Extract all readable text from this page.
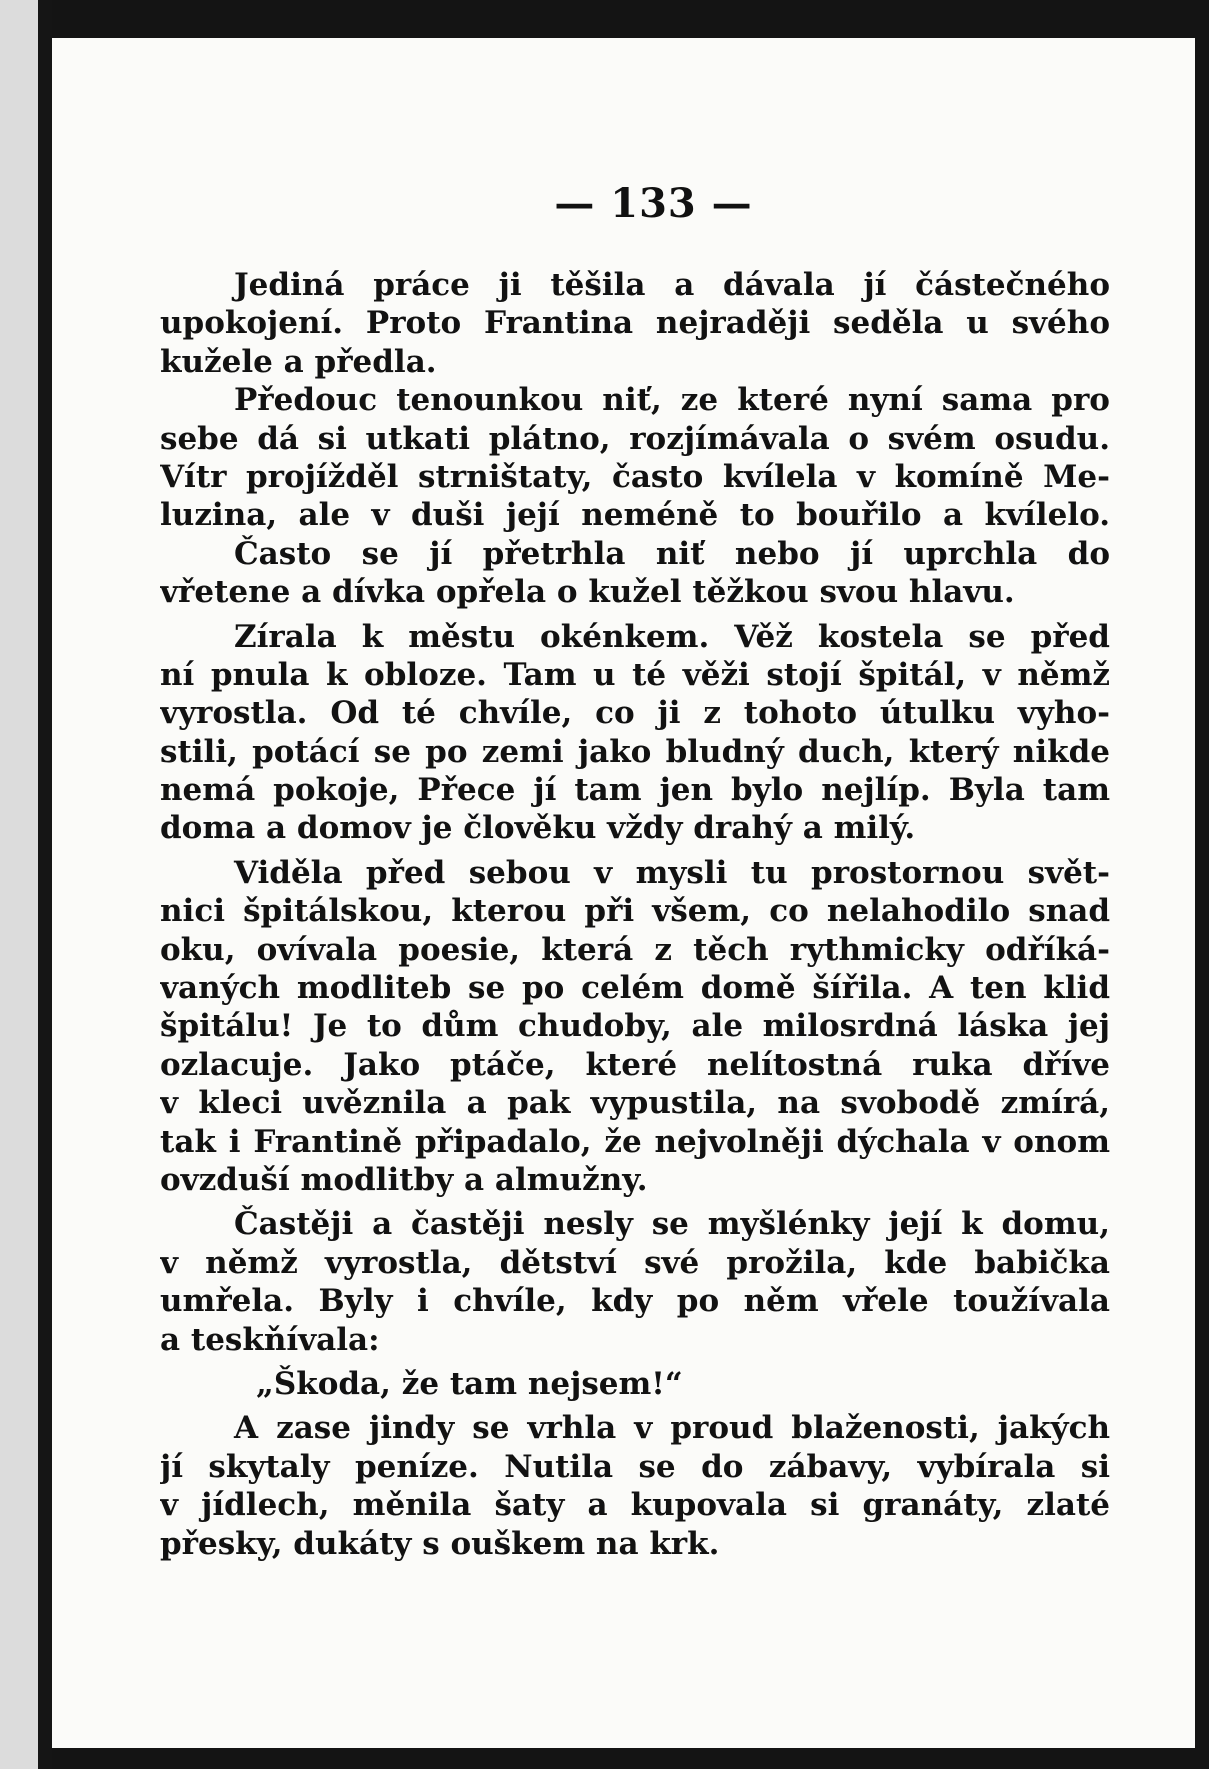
— 133 —
Jediná práce ji těšila a dávala jí částečného
upokojení. Proto Frantina nejraději seděla u svého
kužele a předla.
Předouc tenounkou niť, ze které nyní sama pro
sebe dá si utkati plátno, rozjímávala o svém osudu.
Vítr projížděl strništaty, často kvílela v komíně Me-
luzina, ale v duši její neméně to bouřilo a kvílelo.
Často se jí přetrhla niť nebo jí uprchla do
vřetene a dívka opřela o kužel těžkou svou hlavu.
Zírala k městu okénkem. Věž kostela se před
ní pnula k obloze. Tam u té věži stojí špitál, v němž
vyrostla. Od té chvíle, co ji z tohoto útulku vyho-
stili, potácí se po zemi jako bludný duch, který nikde
nemá pokoje, Přece jí tam jen bylo nejlíp. Byla tam
doma a domov je člověku vždy drahý a milý.
Viděla před sebou v mysli tu prostornou svět-
nici špitálskou, kterou při všem, co nelahodilo snad
oku, ovívala poesie, která z těch rythmicky odříká-
vaných modliteb se po celém domě šířila. A ten klid
špitálu! Je to dům chudoby, ale milosrdná láska jej
ozlacuje. Jako ptáče, které nelítostná ruka dříve
v kleci uvěznila a pak vypustila, na svobodě zmírá,
tak i Frantině připadalo, že nejvolněji dýchala v onom
ovzduší modlitby a almužny.
Častěji a častěji nesly se myšlénky její k domu,
v němž vyrostla, dětství své prožila, kde babička
umřela. Byly i chvíle, kdy po něm vřele toužívala
a teskňívala:
„Škoda, že tam nejsem!“
A zase jindy se vrhla v proud blaženosti, jakých
jí skytaly peníze. Nutila se do zábavy, vybírala si
v jídlech, měnila šaty a kupovala si granáty, zlaté
přesky, dukáty s ouškem na krk.
